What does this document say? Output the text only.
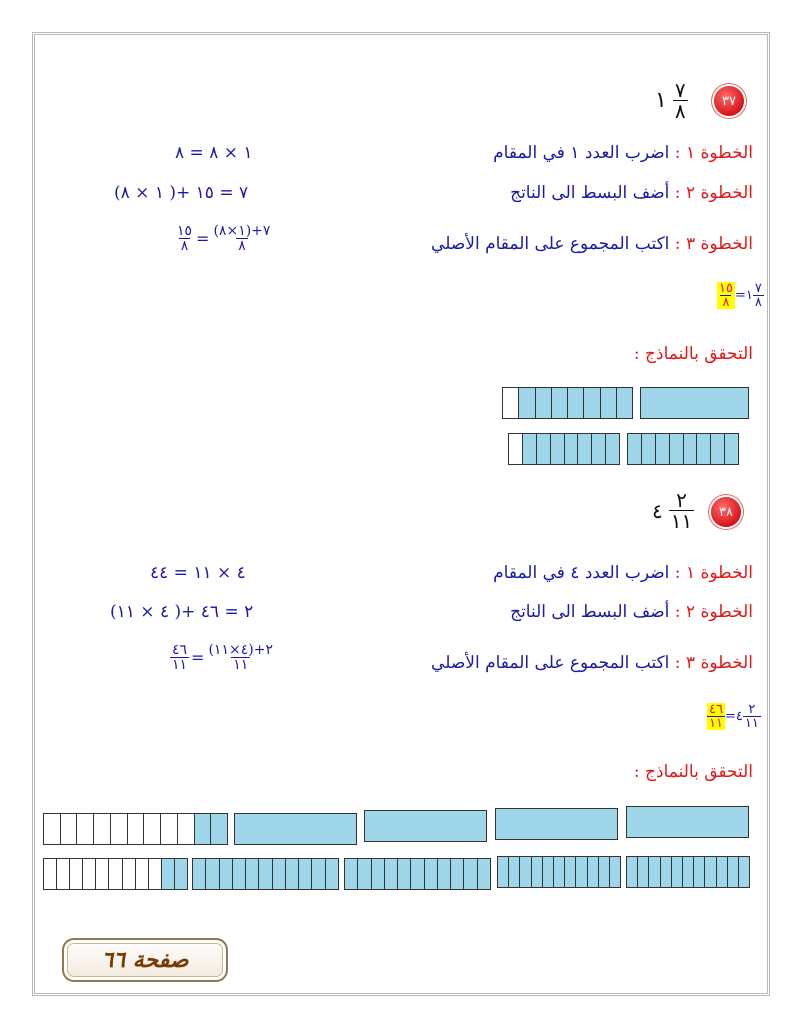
٣٧
١ $\frac{٧}{٨}$
الخطوة ١ : اضرب العدد ١ في المقام
١ × ٨ = ٨
الخطوة ٢ : أضف البسط الى الناتج
(١ × ٨ )+ ٧ = ١٥
الخطوة ٣ : اكتب المجموع على المقام الأصلي
$\frac{١٥}{٨} = \frac{(١\times ٨)+٧}{٨}$
$\frac{١٥}{٨}$ = ١ $\frac{٧}{٨}$
التحقق بالنماذج :
٣٨
٤ $\frac{٢}{١١}$
الخطوة ١ : اضرب العدد ٤ في المقام
٤ × ١١ = ٤٤
الخطوة ٢ : أضف البسط الى الناتج
(٤ × ١١ )+ ٢ = ٤٦
الخطوة ٣ : اكتب المجموع على المقام الأصلي
$\frac{٤٦}{١١} = \frac{(٤\times ١١)+٢}{١١}$
$\frac{٤٦}{١١}$ = ٤ $\frac{٢}{١١}$
التحقق بالنماذج :
صفحة ٦٦
